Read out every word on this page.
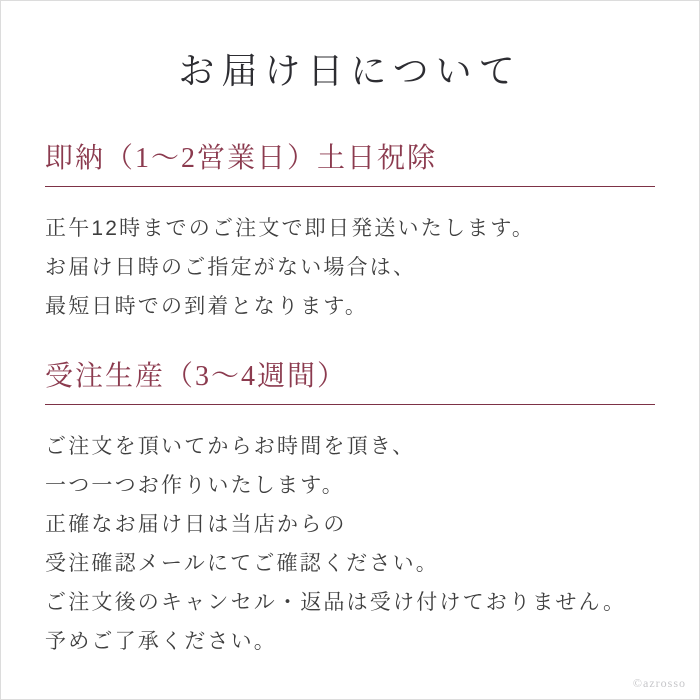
お届け日について
即納（1〜2営業日）土日祝除
正午12時までのご注文で即日発送いたします。
お届け日時のご指定がない場合は、
最短日時での到着となります。
受注生産（3〜4週間）
ご注文を頂いてからお時間を頂き、
一つ一つお作りいたします。
正確なお届け日は当店からの
受注確認メールにてご確認ください。
ご注文後のキャンセル・返品は受け付けておりません。
予めご了承ください。
©azrosso
